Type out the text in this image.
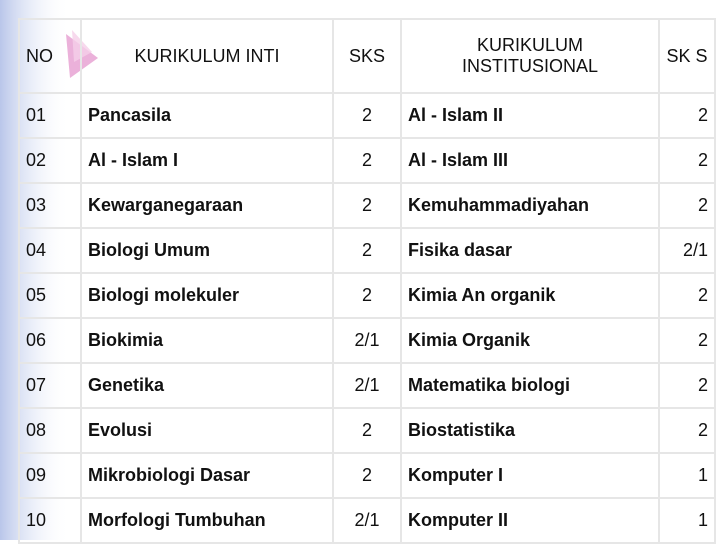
NO	KURIKULUM INTI	SKS	KURIKULUM INSTITUSIONAL	SK S
01	Pancasila	2	Al - Islam II	2
02	Al - Islam I	2	Al - Islam III	2
03	Kewarganegaraan	2	Kemuhammadiyahan	2
04	Biologi Umum	2	Fisika dasar	2/1
05	Biologi molekuler	2	Kimia An organik	2
06	Biokimia	2/1	Kimia Organik	2
07	Genetika	2/1	Matematika biologi	2
08	Evolusi	2	Biostatistika	2
09	Mikrobiologi Dasar	2	Komputer I	1
10	Morfologi Tumbuhan	2/1	Komputer II	1
